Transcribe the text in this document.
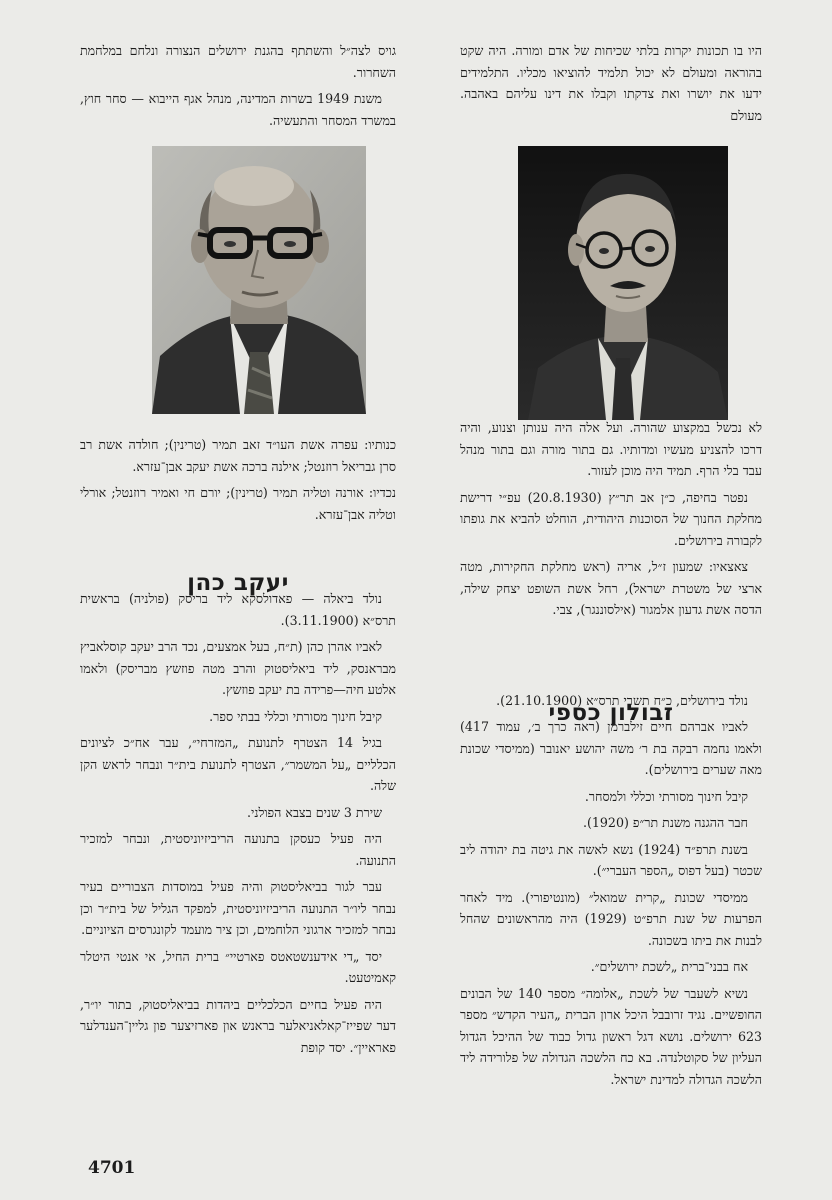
היו בו תכונות יקרות בלתי שכיחות של אדם ומורה. היה שקט בהוראה ומעולם לא יכול תלמיד להוציאו מכליו. התלמידים ידעו את יושרו ואת צדקתו וקבלו את דינו עליהם באהבה. מעולם

לא נכשל במקצוע שהורה. ועל אלה היה ענותן וצנוע, והיה דרכו להצניע מעשיו ומדותיו. גם בתור מורה וגם בתור מנהל עבד בלי הרף. תמיד היה מוכן לעזור.

נפטר בחיפה, כ״ן אב תר״ץ (20.8.1930) עפ״י דרישת מחלקת החנוך של הסוכנות היהודית, הוחלט להביא את גופתו לקבורה בירושלים.

צאצאיו: שמעון ז״ל, אריה (ראש מחלקת החקירות, מטה ארצי של משטרת ישראל), רחל אשת השופט יצחק שילה, הדסה אשת גדעון אלמגור (אילסוננגר), צבי.

נולד בירושלים, כ״ח תשרי תרס״א (21.10.1900).

לאביו אברהם חיים זילברמן (ראה כרך ב׳, עמוד 417) ולאמו נחמה רבקה בת ר׳ משה יהושע יאנובר (ממיסדי שכונת מאה שערים בירושלים).

קיבל חינוך מסורתי וכללי ולמסחר.

חבר ההגנה משנת תר״פ (1920).

בשנת תרפ״ד (1924) נשא לאשה את גיטה בת יהודה ליב שכטר (בעל דפוס „הספר העברי״).

ממיסדי שכונת „קרית שמואל״ (מונטיפורי). מיד לאחר הפרעות של שנת תרפ״ט (1929) היה מהראשונים שהחל לבנות את ביתו בשכונה.

אח בבני־ברית „לשכת ירושלים״.

נשיא לשעבר של לשכת „אלומה״ מספר 140 של הבונים החופשיים. נגיד זרובבל היכל ארון הברית „העיר הקדש״ מספר 623 ירושלים. נושא דגל ראשון גדול כבוד של ההיכל הגדול העליון של סקוטלנדה. בא כח הלשכה הגדולה של פלורידה ליד הלשכה הגדולה למדינת ישראל.

גויס לצה״ל והשתתף בהגנת ירושלים הנצורה ונלחם במלחמת השחרור.

משנת 1949 בשרות המדינה, מנהל אגף הייבוא — סחר חוץ, במשרד המסחר והתעשיה.

כנותיו: עפרה אשת העו״ד זאב תמיר (טרינין); חולדה אשת רב סרן גבריאל רוזנטל; אילנה ברכה אשת יעקב אבן־עזרא.

נכדיו: אורנה וטליה תמיר (טרינין); יורם חי ואמיר רוזנטל; אורלי וטליה אבן־עזרא.

נולד ביאלה — פאדולסקא ליד בריסק (פולניה) בראשית תרס״א (3.11.1900).

לאביו אהרן כהן (ת״ח, בעל אמצעים, נכד הרב יעקב קוסלאביץ מבראנסק, ליד ביאליסטוק והרב מטה פוזשץ מבריסק) ולאמו אלטע חיה—פרידה בת יעקב פוזשץ.

קיבל חינוך מסורתי וכללי בבתי ספר.

בגיל 14 הצטרף לתנועת „המזרחי״, עבר אח״כ לציונים הכלליים „על המשמר״, הצטרף לתנועת בית״ר ונבחר לראש הקן שלה.

שירת 3 שנים בצבא הפולני.

היה פעיל כעסקן בתנועה הריביזיוניסטית, ונבחר למזכיר התנועה.

עבר לגור בביאליסטוק והיה פעיל במוסדות הצבוריים בעיר נבחר ליו״ר התנועה הריביזיוניסטית, למפקד הגליל של בית״ר וכן נבחר למזכיר ארגוני הלוחמים, וכן ציר מועמד לקונגרסים הציוניים.

יסד „די אידענשטאטס פארטיי״ ברית החיל, אי אנטי היטלר קאמיטעט.

היה פעיל בחיים הכלכליים ביהדות בביאליסטוק, בתור יו״ר, דער שפייז־קאלאניאלער בראנש און פארזיצער פון גליין־הענדלער פאראיין״. יסד קופת

זבולון כספי
יעקב כהן
4701
